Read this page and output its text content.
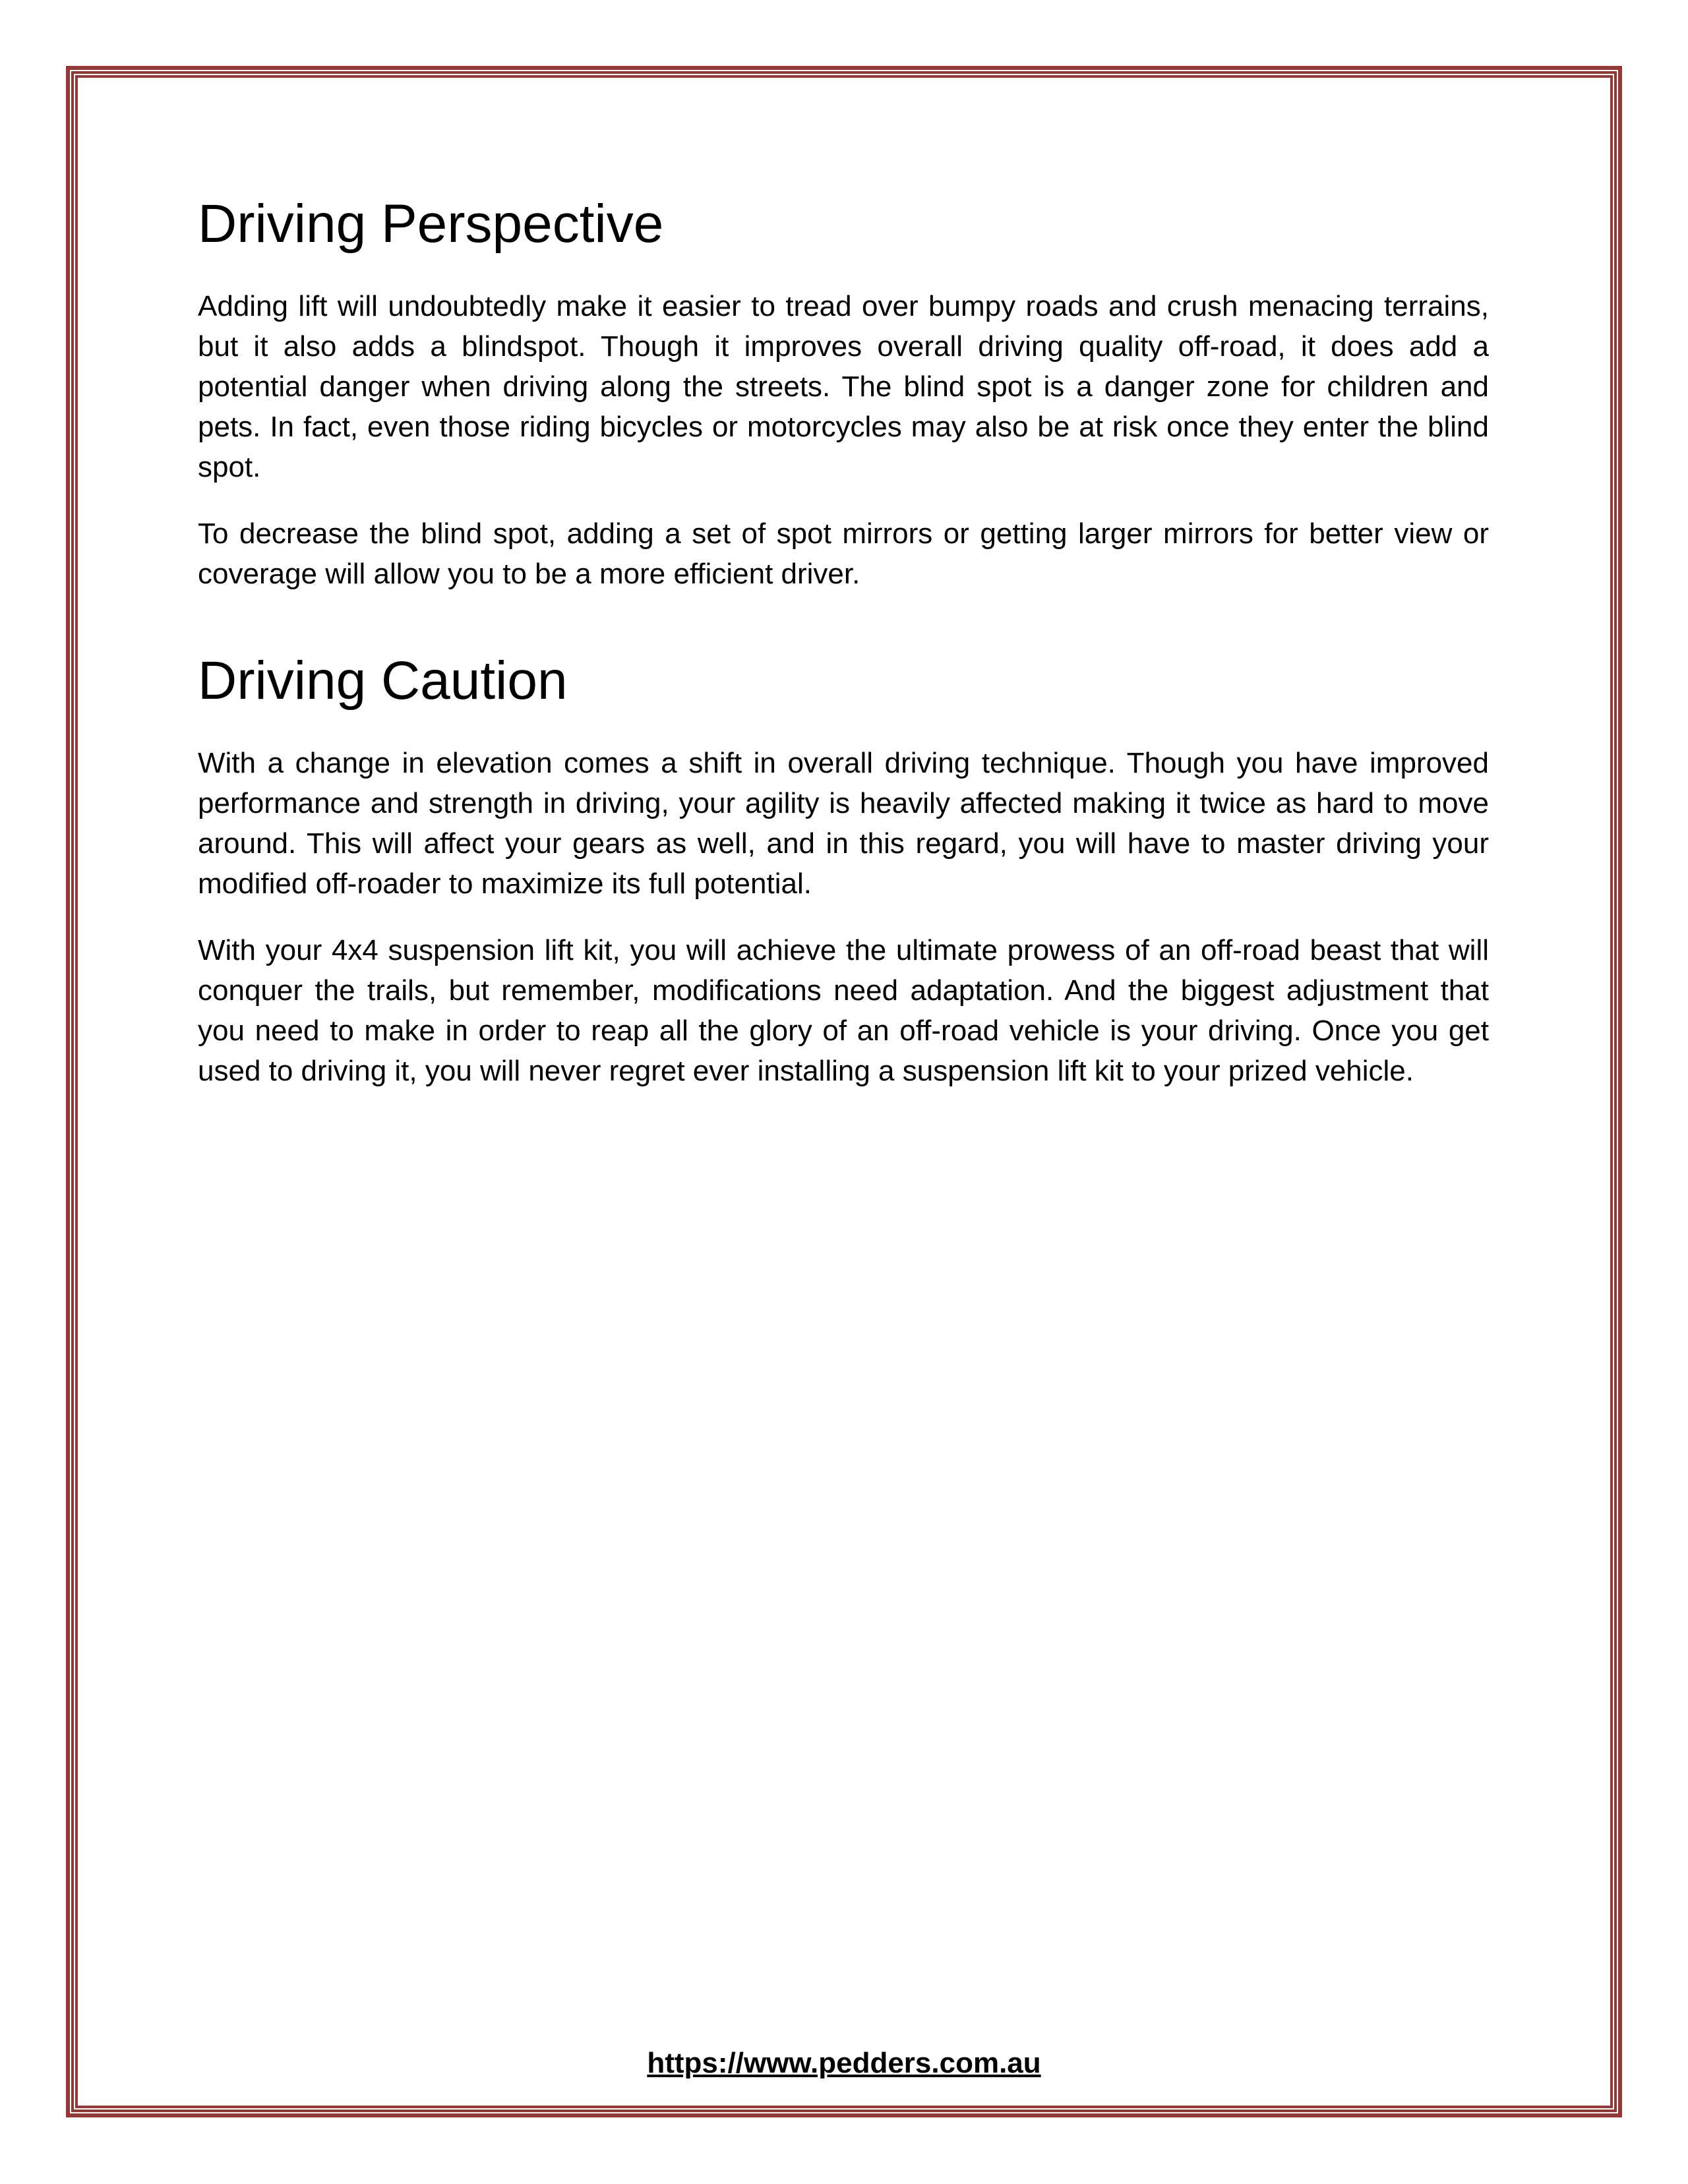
Driving Perspective

Adding lift will undoubtedly make it easier to tread over bumpy roads and crush menacing terrains, but it also adds a blindspot. Though it improves overall driving quality off-road, it does add a potential danger when driving along the streets. The blind spot is a danger zone for children and pets. In fact, even those riding bicycles or motorcycles may also be at risk once they enter the blind spot.

To decrease the blind spot, adding a set of spot mirrors or getting larger mirrors for better view or coverage will allow you to be a more efficient driver.

Driving Caution

With a change in elevation comes a shift in overall driving technique. Though you have improved performance and strength in driving, your agility is heavily affected making it twice as hard to move around. This will affect your gears as well, and in this regard, you will have to master driving your modified off-roader to maximize its full potential.

With your 4x4 suspension lift kit, you will achieve the ultimate prowess of an off-road beast that will conquer the trails, but remember, modifications need adaptation. And the biggest adjustment that you need to make in order to reap all the glory of an off-road vehicle is your driving. Once you get used to driving it, you will never regret ever installing a suspension lift kit to your prized vehicle.

https://www.pedders.com.au
